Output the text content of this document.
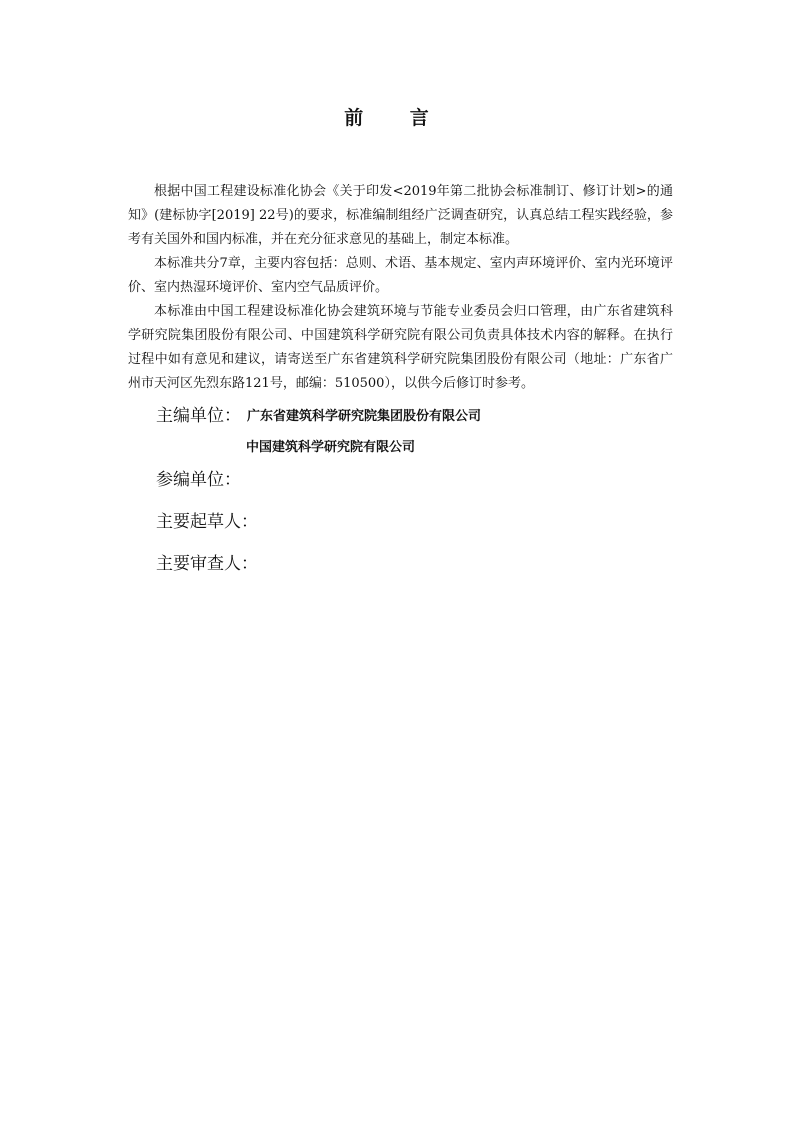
前 言
根据中国工程建设标准化协会《关于印发<2019年第二批协会标准制订、修订计划>的通知》(建标协字[2019] 22号)的要求，标准编制组经广泛调查研究，认真总结工程实践经验，参考有关国外和国内标准，并在充分征求意见的基础上，制定本标准。
本标准共分7章，主要内容包括：总则、术语、基本规定、室内声环境评价、室内光环境评价、室内热湿环境评价、室内空气品质评价。
本标准由中国工程建设标准化协会建筑环境与节能专业委员会归口管理，由广东省建筑科学研究院集团股份有限公司、中国建筑科学研究院有限公司负责具体技术内容的解释。在执行过程中如有意见和建议，请寄送至广东省建筑科学研究院集团股份有限公司（地址：广东省广州市天河区先烈东路121号，邮编：510500），以供今后修订时参考。
主编单位： 广东省建筑科学研究院集团股份有限公司
中国建筑科学研究院有限公司
参编单位：
主要起草人：
主要审查人：
